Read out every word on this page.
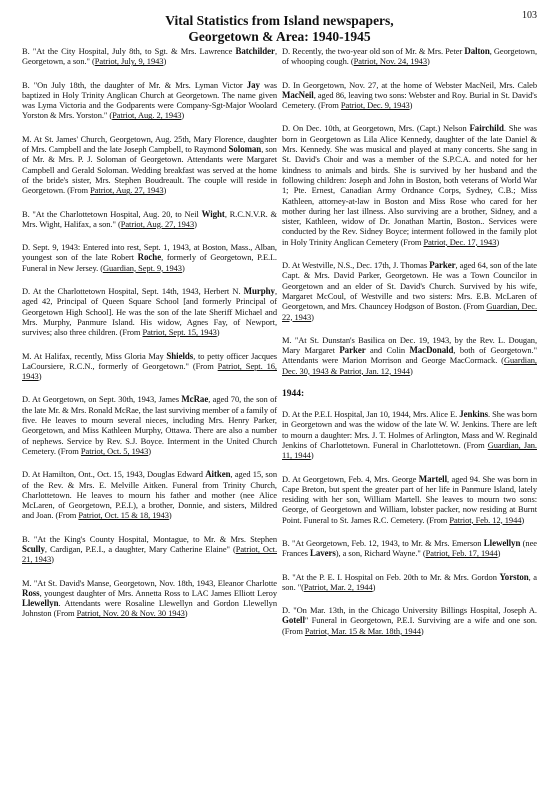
103
Vital Statistics from Island newspapers,
Georgetown & Area: 1940-1945

B. "At the City Hospital, July 8th, to Sgt. & Mrs. Lawrence Batchilder, Georgetown, a son." (Patriot, July, 9, 1943)

B. "On July 18th, the daughter of Mr. & Mrs. Lyman Victor Jay was baptized in Holy Trinity Anglican Church at Georgetown. The name given was Lyma Victoria and the Godparents were Company-Sgt-Major Woolard Yorston & Mrs. Yorston." (Patriot, Aug. 2, 1943)

M. At St. James' Church, Georgetown, Aug. 25th, Mary Florence, daughter of Mrs. Campbell and the late Joseph Campbell, to Raymond Soloman, son of Mr. & Mrs. P. J. Soloman of Georgetown. Attendants were Margaret Campbell and Gerald Soloman. Wedding breakfast was served at the home of the bride's sister, Mrs. Stephen Boudreault. The couple will reside in Georgetown. (From Patriot, Aug. 27, 1943)

B. "At the Charlottetown Hospital, Aug. 20, to Neil Wight, R.C.N.V.R. & Mrs. Wight, Halifax, a son." (Patriot, Aug. 27, 1943)

D. Sept. 9, 1943: Entered into rest, Sept. 1, 1943, at Boston, Mass., Alban, youngest son of the late Robert Roche, formerly of Georgetown, P.E.I.. Funeral in New Jersey. (Guardian, Sept. 9, 1943)

D. At the Charlottetown Hospital, Sept. 14th, 1943, Herbert N. Murphy, aged 42, Principal of Queen Square School [and formerly Principal of Georgetown High School]. He was the son of the late Sheriff Michael and Mrs. Murphy, Panmure Island. His widow, Agnes Fay, of Newport, survives; also three children. (From Patriot, Sept. 15, 1943)

M. At Halifax, recently, Miss Gloria May Shields, to petty officer Jacques LaCoursiere, R.C.N., formerly of Georgetown." (From Patriot, Sept. 16, 1943)

D. At Georgetown, on Sept. 30th, 1943, James McRae, aged 70, the son of the late Mr. & Mrs. Ronald McRae, the last surviving member of a family of five. He leaves to mourn several nieces, including Mrs. Henry Parker, Georgetown, and Miss Kathleen Murphy, Ottawa. There are also a number of nephews. Service by Rev. S.J. Boyce. Interment in the United Church Cemetery. (From Patriot, Oct. 5, 1943)

D. At Hamilton, Ont., Oct. 15, 1943, Douglas Edward Aitken, aged 15, son of the Rev. & Mrs. E. Melville Aitken. Funeral from Trinity Church, Charlottetown. He leaves to mourn his father and mother (nee Alice McLaren, of Georgetown, P.E.I.), a brother, Donnie, and sisters, Mildred and Joan. (From Patriot, Oct. 15 & 18, 1943)

B. "At the King's County Hospital, Montague, to Mr. & Mrs. Stephen Scully, Cardigan, P.E.I., a daughter, Mary Catherine Elaine" (Patriot, Oct. 21, 1943)

M. "At St. David's Manse, Georgetown, Nov. 18th, 1943, Eleanor Charlotte Ross, youngest daughter of Mrs. Annetta Ross to LAC James Elliott Leroy Llewellyn. Attendants were Rosaline Llewellyn and Gordon Llewellyn Johnston (From Patriot, Nov. 20 & Nov. 30 1943)

D. Recently, the two-year old son of Mr. & Mrs. Peter Dalton, Georgetown, of whooping cough. (Patriot, Nov. 24, 1943)

D. In Georgetown, Nov. 27, at the home of Webster MacNeil, Mrs. Caleb MacNeil, aged 86, leaving two sons: Webster and Roy. Burial in St. David's Cemetery. (From Patriot, Dec. 9, 1943)

D. On Dec. 10th, at Georgetown, Mrs. (Capt.) Nelson Fairchild. She was born in Georgetown as Lila Alice Kennedy, daughter of the late Daniel & Mrs. Kennedy. She was musical and played at many concerts. She sang in St. David's Choir and was a member of the S.P.C.A. and noted for her kindness to animals and birds. She is survived by her husband and the following children: Joseph and John in Boston, both veterans of World War 1; Pte. Ernest, Canadian Army Ordnance Corps, Sydney, C.B.; Miss Kathleen, attorney-at-law in Boston and Miss Rose who cared for her mother during her last illness. Also surviving are a brother, Sidney, and a sister, Kathleen, widow of Dr. Jonathan Martin, Boston.. Services were conducted by the Rev. Sidney Boyce; interment followed in the family plot in Holy Trinity Anglican Cemetery (From Patriot, Dec. 17, 1943)

D. At Westville, N.S., Dec. 17th, J. Thomas Parker, aged 64, son of the late Capt. & Mrs. David Parker, Georgetown. He was a Town Councilor in Georgetown and an elder of St. David's Church. Survived by his wife, Margaret McCoul, of Westville and two sisters: Mrs. E.B. McLaren of Georgetown, and Mrs. Chauncey Hodgson of Boston. (From Guardian, Dec. 22, 1943)

M. "At St. Dunstan's Basilica on Dec. 19, 1943, by the Rev. L. Dougan, Mary Margaret Parker and Colin MacDonald, both of Georgetown." Attendants were Marion Morrison and George MacCormack. (Guardian, Dec. 30, 1943 & Patriot, Jan. 12, 1944)

1944:

D. At the P.E.I. Hospital, Jan 10, 1944, Mrs. Alice E. Jenkins. She was born in Georgetown and was the widow of the late W. W. Jenkins. There are left to mourn a daughter: Mrs. J. T. Holmes of Arlington, Mass and W. Reginald Jenkins of Charlottetown. Funeral in Charlottetown. (From Guardian, Jan. 11, 1944)

D. At Georgetown, Feb. 4, Mrs. George Martell, aged 94. She was born in Cape Breton, but spent the greater part of her life in Panmure Island, lately residing with her son, William Martell. She leaves to mourn two sons: George, of Georgetown and William, lobster packer, now residing at Burnt Point. Funeral to St. James R.C. Cemetery. (From Patriot, Feb. 12, 1944)

B. "At Georgetown, Feb. 12, 1943, to Mr. & Mrs. Emerson Llewellyn (nee Frances Lavers), a son, Richard Wayne." (Patriot, Feb. 17, 1944)

B. "At the P. E. I. Hospital on Feb. 20th to Mr. & Mrs. Gordon Yorston, a son. "(Patriot, Mar. 2, 1944)

D. "On Mar. 13th, in the Chicago University Billings Hospital, Joseph A. Gotell" Funeral in Georgetown, P.E.I. Surviving are a wife and one son. (From Patriot, Mar. 15 & Mar. 18th, 1944)
